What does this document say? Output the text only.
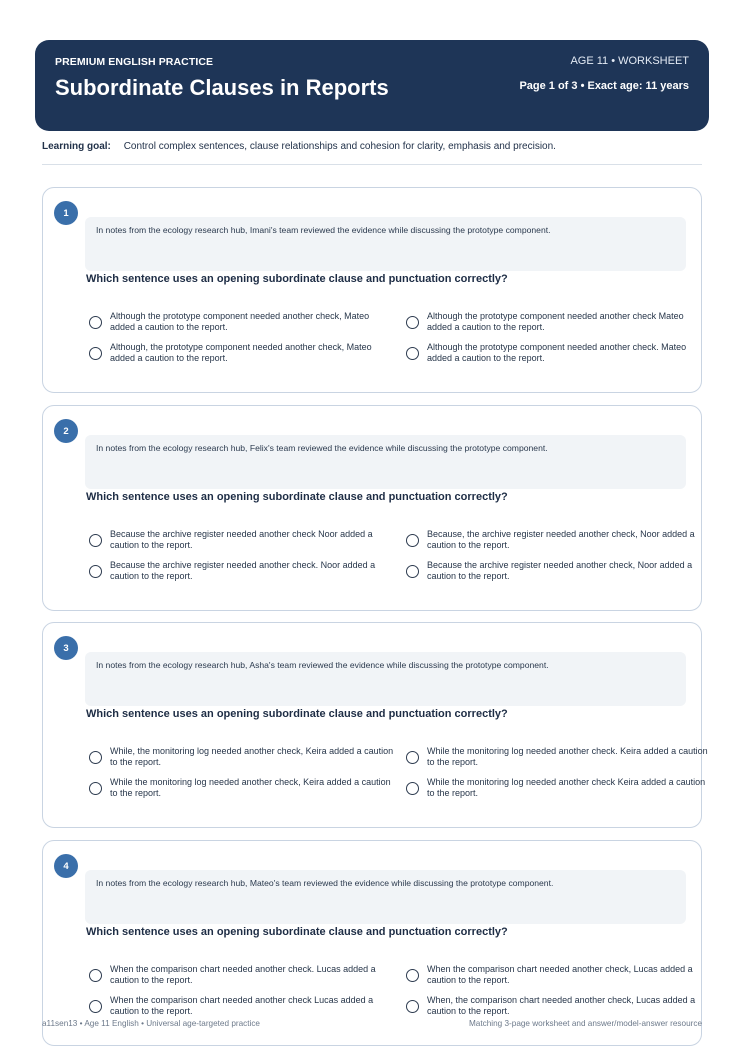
PREMIUM ENGLISH PRACTICE
Subordinate Clauses in Reports
AGE 11 • WORKSHEET
Page 1 of 3 • Exact age: 11 years
Learning goal: Control complex sentences, clause relationships and cohesion for clarity, emphasis and precision.
1
In notes from the ecology research hub, Imani's team reviewed the evidence while discussing the prototype component.
Which sentence uses an opening subordinate clause and punctuation correctly?
Although the prototype component needed another check, Mateo added a caution to the report.
Although the prototype component needed another check Mateo added a caution to the report.
Although, the prototype component needed another check, Mateo added a caution to the report.
Although the prototype component needed another check. Mateo added a caution to the report.
2
In notes from the ecology research hub, Felix's team reviewed the evidence while discussing the prototype component.
Which sentence uses an opening subordinate clause and punctuation correctly?
Because the archive register needed another check Noor added a caution to the report.
Because, the archive register needed another check, Noor added a caution to the report.
Because the archive register needed another check. Noor added a caution to the report.
Because the archive register needed another check, Noor added a caution to the report.
3
In notes from the ecology research hub, Asha's team reviewed the evidence while discussing the prototype component.
Which sentence uses an opening subordinate clause and punctuation correctly?
While, the monitoring log needed another check, Keira added a caution to the report.
While the monitoring log needed another check. Keira added a caution to the report.
While the monitoring log needed another check, Keira added a caution to the report.
While the monitoring log needed another check Keira added a caution to the report.
4
In notes from the ecology research hub, Mateo's team reviewed the evidence while discussing the prototype component.
Which sentence uses an opening subordinate clause and punctuation correctly?
When the comparison chart needed another check. Lucas added a caution to the report.
When the comparison chart needed another check, Lucas added a caution to the report.
When the comparison chart needed another check Lucas added a caution to the report.
When, the comparison chart needed another check, Lucas added a caution to the report.
a11sen13 • Age 11 English • Universal age-targeted practice	Matching 3-page worksheet and answer/model-answer resource
